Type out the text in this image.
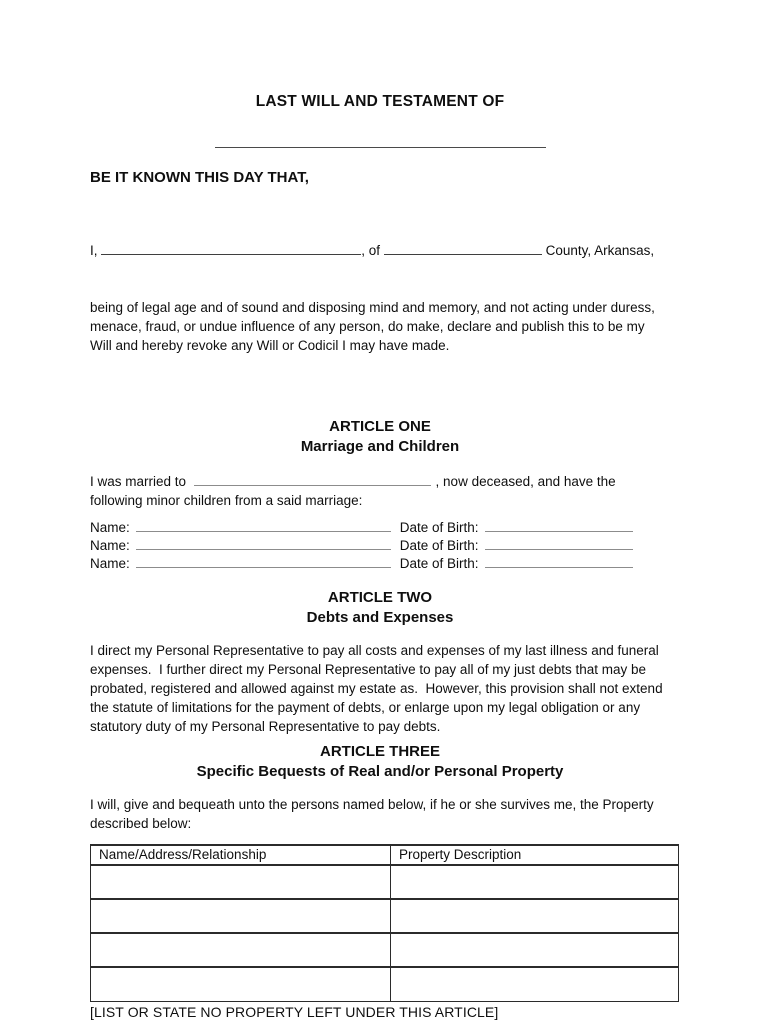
LAST WILL AND TESTAMENT OF
BE IT KNOWN THIS DAY THAT,

I,	, of	County, Arkansas,

being of legal age and of sound and disposing mind and memory, and not acting under duress, menace, fraud, or undue influence of any person, do make, declare and publish this to be my Will and hereby revoke any Will or Codicil I may have made.

ARTICLE ONE
Marriage and Children
I was married to	, now deceased, and have the following minor children from a said marriage:
Name:	Date of Birth:
Name:	Date of Birth:
Name:	Date of Birth:
ARTICLE TWO
Debts and Expenses
I direct my Personal Representative to pay all costs and expenses of my last illness and funeral expenses.  I further direct my Personal Representative to pay all of my just debts that may be probated, registered and allowed against my estate as.  However, this provision shall not extend the statute of limitations for the payment of debts, or enlarge upon my legal obligation or any statutory duty of my Personal Representative to pay debts.
ARTICLE THREE
Specific Bequests of Real and/or Personal Property
I will, give and bequeath unto the persons named below, if he or she survives me, the Property described below:
Name/Address/Relationship	Property Description

[LIST OR STATE NO PROPERTY LEFT UNDER THIS ARTICLE]
